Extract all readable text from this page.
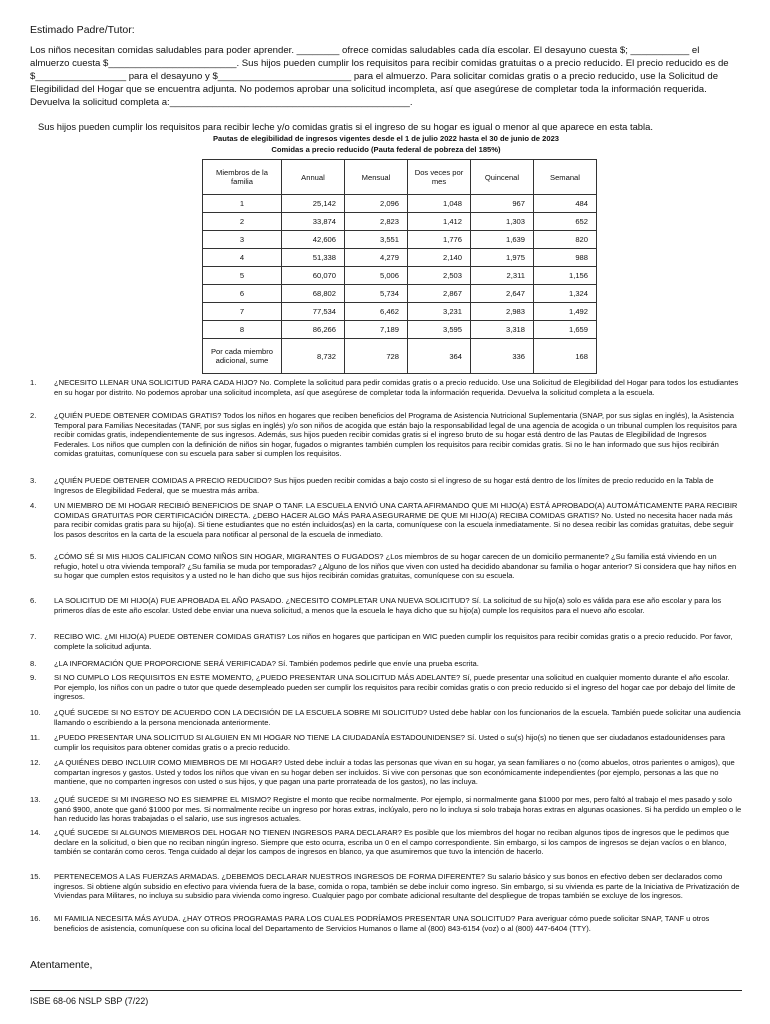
Estimado Padre/Tutor:
Los niños necesitan comidas saludables para poder aprender. ________ ofrece comidas saludables cada día escolar. El desayuno cuesta $; ___________ el almuerzo cuesta $________________________. Sus hijos pueden cumplir los requisitos para recibir comidas gratuitas o a precio reducido. El precio reducido es de $_________________ para el desayuno y $_________________________ para el almuerzo. Para solicitar comidas gratis o a precio reducido, use la Solicitud de Elegibilidad del Hogar que se encuentra adjunta. No podemos aprobar una solicitud incompleta, así que asegúrese de completar toda la información requerida. Devuelva la solicitud completa a:_____________________________________________.
Sus hijos pueden cumplir los requisitos para recibir leche y/o comidas gratis si el ingreso de su hogar es igual o menor al que aparece en esta tabla.
Pautas de elegibilidad de ingresos vigentes desde el 1 de julio 2022 hasta el 30 de junio de 2023
Comidas a precio reducido (Pauta federal de pobreza del 185%)
Miembros de la familia	Annual	Mensual	Dos veces por mes	Quincenal	Semanal
1	25,142	2,096	1,048	967	484
2	33,874	2,823	1,412	1,303	652
3	42,606	3,551	1,776	1,639	820
4	51,338	4,279	2,140	1,975	988
5	60,070	5,006	2,503	2,311	1,156
6	68,802	5,734	2,867	2,647	1,324
7	77,534	6,462	3,231	2,983	1,492
8	86,266	7,189	3,595	3,318	1,659
Por cada miembro adicional, sume	8,732	728	364	336	168
1. ¿NECESITO LLENAR UNA SOLICITUD PARA CADA HIJO? No. Complete la solicitud para pedir comidas gratis o a precio reducido. Use una Solicitud de Elegibilidad del Hogar para todos los estudiantes en su hogar por distrito. No podemos aprobar una solicitud incompleta, así que asegúrese de completar toda la información requerida. Devuelva la solicitud completa a la escuela.
2. ¿QUIÉN PUEDE OBTENER COMIDAS GRATIS? Todos los niños en hogares que reciben beneficios del Programa de Asistencia Nutricional Suplementaria (SNAP, por sus siglas en inglés), la Asistencia Temporal para Familias Necesitadas (TANF, por sus siglas en inglés) y/o son niños de acogida que están bajo la responsabilidad legal de una agencia de acogida o un tribunal cumplen los requisitos para recibir comidas gratis, independientemente de sus ingresos. Además, sus hijos pueden recibir comidas gratis si el ingreso bruto de su hogar está dentro de las Pautas de Elegibilidad de Ingresos Federales. Los niños que cumplen con la definición de niños sin hogar, fugados o migrantes también cumplen los requisitos para recibir comidas gratis. Si no le han informado que sus hijos recibirán comidas gratuitas, comuníquese con su escuela para saber si cumplen los requisitos.
3. ¿QUIÉN PUEDE OBTENER COMIDAS A PRECIO REDUCIDO? Sus hijos pueden recibir comidas a bajo costo si el ingreso de su hogar está dentro de los límites de precio reducido en la Tabla de Ingresos de Elegibilidad Federal, que se muestra más arriba.
4. UN MIEMBRO DE MI HOGAR RECIBIÓ BENEFICIOS DE SNAP O TANF. LA ESCUELA ENVIÓ UNA CARTA AFIRMANDO QUE MI HIJO(A) ESTÁ APROBADO(A) AUTOMÁTICAMENTE PARA RECIBIR COMIDAS GRATUITAS POR CERTIFICACIÓN DIRECTA. ¿DEBO HACER ALGO MÁS PARA ASEGURARME DE QUE MI HIJO(A) RECIBA COMIDAS GRATIS? No. Usted no necesita hacer nada más para recibir comidas gratis para su hijo(a). Si tiene estudiantes que no estén incluidos(as) en la carta, comuníquese con la escuela inmediatamente. Si no desea recibir las comidas gratuitas, debe seguir los pasos descritos en la carta de la escuela para notificar al personal de la escuela de inmediato.
5. ¿CÓMO SÉ SI MIS HIJOS CALIFICAN COMO NIÑOS SIN HOGAR, MIGRANTES O FUGADOS? ¿Los miembros de su hogar carecen de un domicilio permanente? ¿Su familia está viviendo en un refugio, hotel u otra vivienda temporal? ¿Su familia se muda por temporadas? ¿Alguno de los niños que viven con usted ha decidido abandonar su familia o hogar anterior? Si considera que hay niños en su hogar que cumplen estos requisitos y a usted no le han dicho que sus hijos recibirán comidas gratuitas, comuníquese con su escuela.
6. LA SOLICITUD DE MI HIJO(A) FUE APROBADA EL AÑO PASADO. ¿NECESITO COMPLETAR UNA NUEVA SOLICITUD? Sí. La solicitud de su hijo(a) solo es válida para ese año escolar y para los primeros días de este año escolar. Usted debe enviar una nueva solicitud, a menos que la escuela le haya dicho que su hijo(a) cumple los requisitos para el nuevo año escolar.
7. RECIBO WIC. ¿MI HIJO(A) PUEDE OBTENER COMIDAS GRATIS? Los niños en hogares que participan en WIC pueden cumplir los requisitos para recibir comidas gratis o a precio reducido. Por favor, complete la solicitud adjunta.
8. ¿LA INFORMACIÓN QUE PROPORCIONE SERÁ VERIFICADA? Sí. También podemos pedirle que envíe una prueba escrita.
9. SI NO CUMPLO LOS REQUISITOS EN ESTE MOMENTO, ¿PUEDO PRESENTAR UNA SOLICITUD MÁS ADELANTE? Sí, puede presentar una solicitud en cualquier momento durante el año escolar. Por ejemplo, los niños con un padre o tutor que quede desempleado pueden ser cumplir los requisitos para recibir comidas gratis o con precio reducido si el ingreso del hogar cae por debajo del límite de ingresos.
10. ¿QUÉ SUCEDE SI NO ESTOY DE ACUERDO CON LA DECISIÓN DE LA ESCUELA SOBRE MI SOLICITUD? Usted debe hablar con los funcionarios de la escuela. También puede solicitar una audiencia llamando o escribiendo a la persona mencionada anteriormente.
11. ¿PUEDO PRESENTAR UNA SOLICITUD SI ALGUIEN EN MI HOGAR NO TIENE LA CIUDADANÍA ESTADOUNIDENSE? Sí. Usted o su(s) hijo(s) no tienen que ser ciudadanos estadounidenses para cumplir los requisitos para obtener comidas gratis o a precio reducido.
12. ¿A QUIÉNES DEBO INCLUIR COMO MIEMBROS DE MI HOGAR? Usted debe incluir a todas las personas que vivan en su hogar, ya sean familiares o no (como abuelos, otros parientes o amigos), que compartan ingresos y gastos. Usted y todos los niños que vivan en su hogar deben ser incluidos. Si vive con personas que son económicamente independientes (por ejemplo, personas a las que no mantiene, que no comparten ingresos con usted o sus hijos, y que pagan una parte prorrateada de los gastos), no las incluya.
13. ¿QUÉ SUCEDE SI MI INGRESO NO ES SIEMPRE EL MISMO? Registre el monto que recibe normalmente. Por ejemplo, si normalmente gana $1000 por mes, pero faltó al trabajo el mes pasado y solo ganó $900, anote que ganó $1000 por mes. Si normalmente recibe un ingreso por horas extras, inclúyalo, pero no lo incluya si solo trabaja horas extras en algunas ocasiones. Si ha perdido un empleo o le han reducido las horas trabajadas o el salario, use sus ingresos actuales.
14. ¿QUÉ SUCEDE SI ALGUNOS MIEMBROS DEL HOGAR NO TIENEN INGRESOS PARA DECLARAR? Es posible que los miembros del hogar no reciban algunos tipos de ingresos que le pedimos que declare en la solicitud, o bien que no reciban ningún ingreso. Siempre que esto ocurra, escriba un 0 en el campo correspondiente. Sin embargo, si los campos de ingresos se dejan vacíos o en blanco, también se contarán como ceros. Tenga cuidado al dejar los campos de ingresos en blanco, ya que asumiremos que tuvo la intención de hacerlo.
15. PERTENECEMOS A LAS FUERZAS ARMADAS. ¿DEBEMOS DECLARAR NUESTROS INGRESOS DE FORMA DIFERENTE? Su salario básico y sus bonos en efectivo deben ser declarados como ingresos. Si obtiene algún subsidio en efectivo para vivienda fuera de la base, comida o ropa, también se debe incluir como ingreso. Sin embargo, si su vivienda es parte de la Iniciativa de Privatización de Viviendas para Militares, no incluya su subsidio para vivienda como ingreso. Cualquier pago por combate adicional resultante del despliegue de tropas también se excluye de los ingresos.
16. MI FAMILIA NECESITA MÁS AYUDA. ¿HAY OTROS PROGRAMAS PARA LOS CUALES PODRÍAMOS PRESENTAR UNA SOLICITUD? Para averiguar cómo puede solicitar SNAP, TANF u otros beneficios de asistencia, comuníquese con su oficina local del Departamento de Servicios Humanos o llame al (800) 843-6154 (voz) o al (800) 447-6404 (TTY).
Atentamente,
ISBE 68-06 NSLP SBP (7/22)
